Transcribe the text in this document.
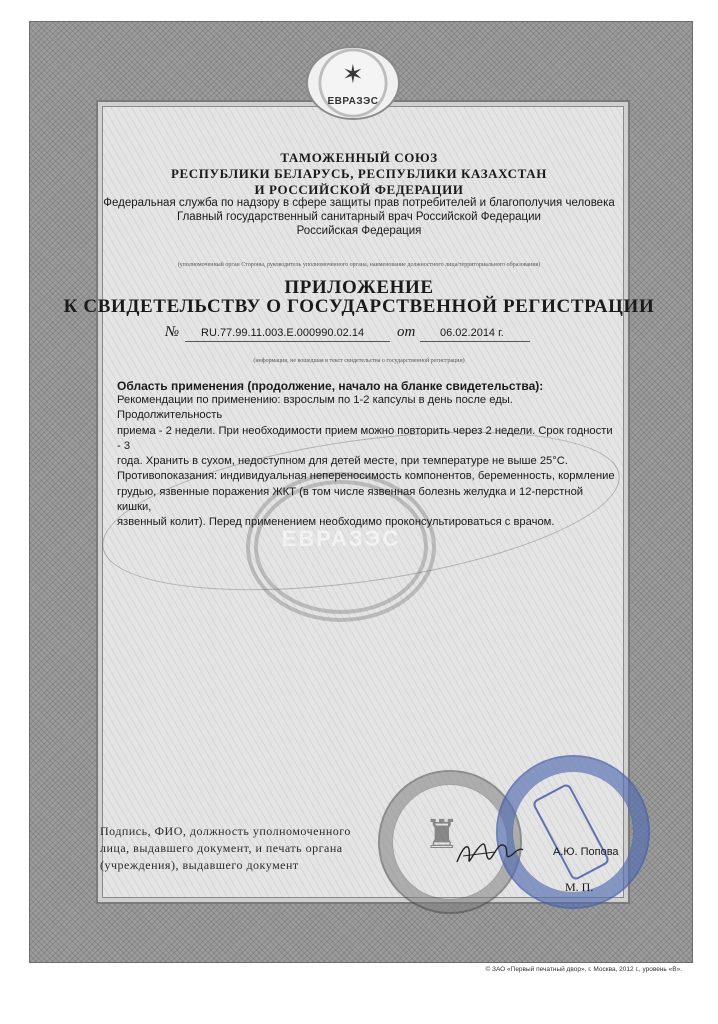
ЕВРАЗЭС
✶
ЕВРАЗЭС
ТАМОЖЕННЫЙ СОЮЗ
РЕСПУБЛИКИ БЕЛАРУСЬ, РЕСПУБЛИКИ КАЗАХСТАН
И РОССИЙСКОЙ ФЕДЕРАЦИИ
Федеральная служба по надзору в сфере защиты прав потребителей и благополучия человека
Главный государственный санитарный врач Российской Федерации
Российская Федерация
(уполномоченный орган Стороны, руководитель уполномоченного органа, наименование должностного лица/территориального образования)
ПРИЛОЖЕНИЕ
К СВИДЕТЕЛЬСТВУ О ГОСУДАРСТВЕННОЙ РЕГИСТРАЦИИ
№ RU.77.99.11.003.E.000990.02.14 от 06.02.2014 г.
(информация, не вошедшая в текст свидетельства о государственной регистрации)
Область применения (продолжение, начало на бланке свидетельства):
Рекомендации по применению: взрослым по 1-2 капсулы в день после еды. Продолжительность
приема - 2 недели. При необходимости прием можно повторить через 2 недели. Срок годности - 3
года. Хранить в сухом, недоступном для детей месте, при температуре не выше 25°С.
Противопоказания: индивидуальная непереносимость компонентов, беременность, кормление
грудью, язвенные поражения ЖКТ (в том числе язвенная болезнь желудка и 12-перстной кишки,
язвенный колит). Перед применением необходимо проконсультироваться с врачом.
Подпись, ФИО, должность уполномоченного
лица, выдавшего документ, и печать органа
(учреждения), выдавшего документ
♜	А.Ю. Попова
М. П.
© ЗАО «Первый печатный двор», г. Москва, 2012 г., уровень «В».
